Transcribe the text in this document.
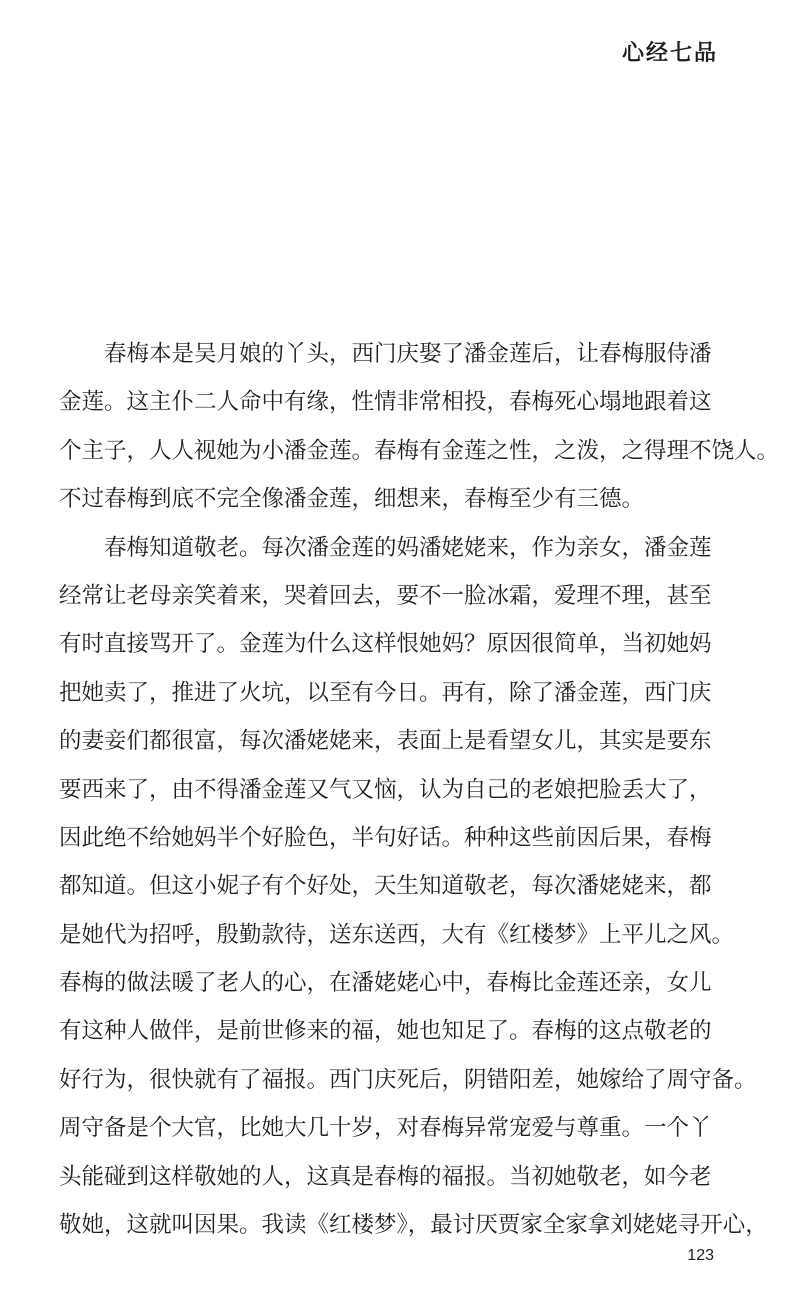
心经七品
春梅本是吴月娘的丫头，西门庆娶了潘金莲后，让春梅服侍潘
金莲。这主仆二人命中有缘，性情非常相投，春梅死心塌地跟着这
个主子，人人视她为小潘金莲。春梅有金莲之性，之泼，之得理不饶人。
不过春梅到底不完全像潘金莲，细想来，春梅至少有三德。
春梅知道敬老。每次潘金莲的妈潘姥姥来，作为亲女，潘金莲
经常让老母亲笑着来，哭着回去，要不一脸冰霜，爱理不理，甚至
有时直接骂开了。金莲为什么这样恨她妈？原因很简单，当初她妈
把她卖了，推进了火坑，以至有今日。再有，除了潘金莲，西门庆
的妻妾们都很富，每次潘姥姥来，表面上是看望女儿，其实是要东
要西来了，由不得潘金莲又气又恼，认为自己的老娘把脸丢大了，
因此绝不给她妈半个好脸色，半句好话。种种这些前因后果，春梅
都知道。但这小妮子有个好处，天生知道敬老，每次潘姥姥来，都
是她代为招呼，殷勤款待，送东送西，大有《红楼梦》上平儿之风。
春梅的做法暖了老人的心，在潘姥姥心中，春梅比金莲还亲，女儿
有这种人做伴，是前世修来的福，她也知足了。春梅的这点敬老的
好行为，很快就有了福报。西门庆死后，阴错阳差，她嫁给了周守备。
周守备是个大官，比她大几十岁，对春梅异常宠爱与尊重。一个丫
头能碰到这样敬她的人，这真是春梅的福报。当初她敬老，如今老
敬她，这就叫因果。我读《红楼梦》，最讨厌贾家全家拿刘姥姥寻开心，
123
